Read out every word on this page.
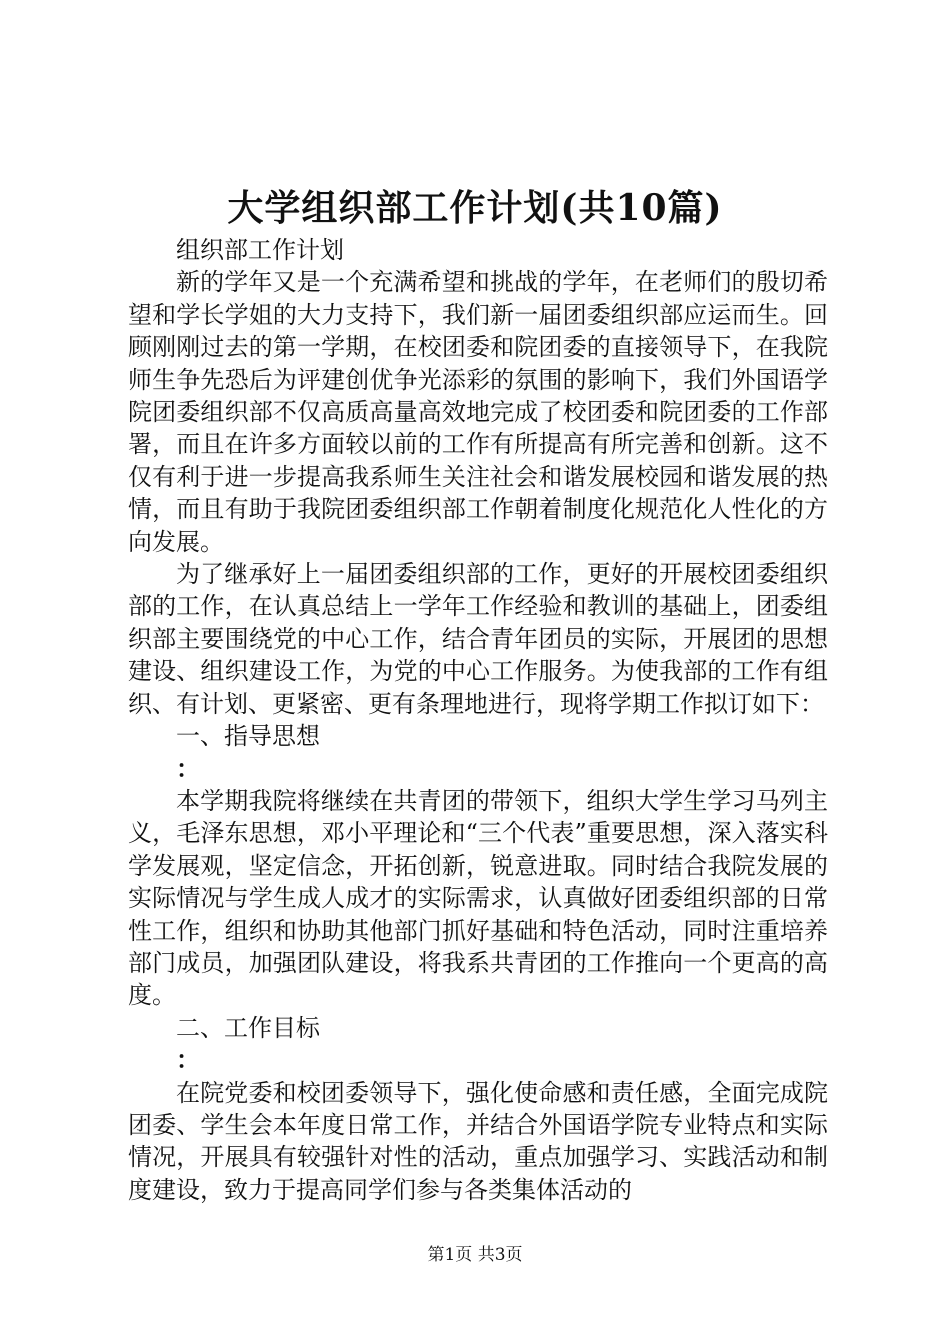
大学组织部工作计划(共10篇)

组织部工作计划

新的学年又是一个充满希望和挑战的学年，在老师们的殷切希望和学长学姐的大力支持下，我们新一届团委组织部应运而生。回顾刚刚过去的第一学期，在校团委和院团委的直接领导下，在我院师生争先恐后为评建创优争光添彩的氛围的影响下，我们外国语学院团委组织部不仅高质高量高效地完成了校团委和院团委的工作部署，而且在许多方面较以前的工作有所提高有所完善和创新。这不仅有利于进一步提高我系师生关注社会和谐发展校园和谐发展的热情，而且有助于我院团委组织部工作朝着制度化规范化人性化的方向发展。

为了继承好上一届团委组织部的工作，更好的开展校团委组织部的工作，在认真总结上一学年工作经验和教训的基础上，团委组织部主要围绕党的中心工作，结合青年团员的实际，开展团的思想建设、组织建设工作，为党的中心工作服务。为使我部的工作有组织、有计划、更紧密、更有条理地进行，现将学期工作拟订如下：

一、指导思想

：

本学期我院将继续在共青团的带领下，组织大学生学习马列主义，毛泽东思想，邓小平理论和“三个代表”重要思想，深入落实科学发展观，坚定信念，开拓创新，锐意进取。同时结合我院发展的实际情况与学生成人成才的实际需求，认真做好团委组织部的日常性工作，组织和协助其他部门抓好基础和特色活动，同时注重培养部门成员，加强团队建设，将我系共青团的工作推向一个更高的高度。

二、工作目标

：

在院党委和校团委领导下，强化使命感和责任感，全面完成院团委、学生会本年度日常工作，并结合外国语学院专业特点和实际情况，开展具有较强针对性的活动，重点加强学习、实践活动和制度建设，致力于提高同学们参与各类集体活动的

第1页 共3页
